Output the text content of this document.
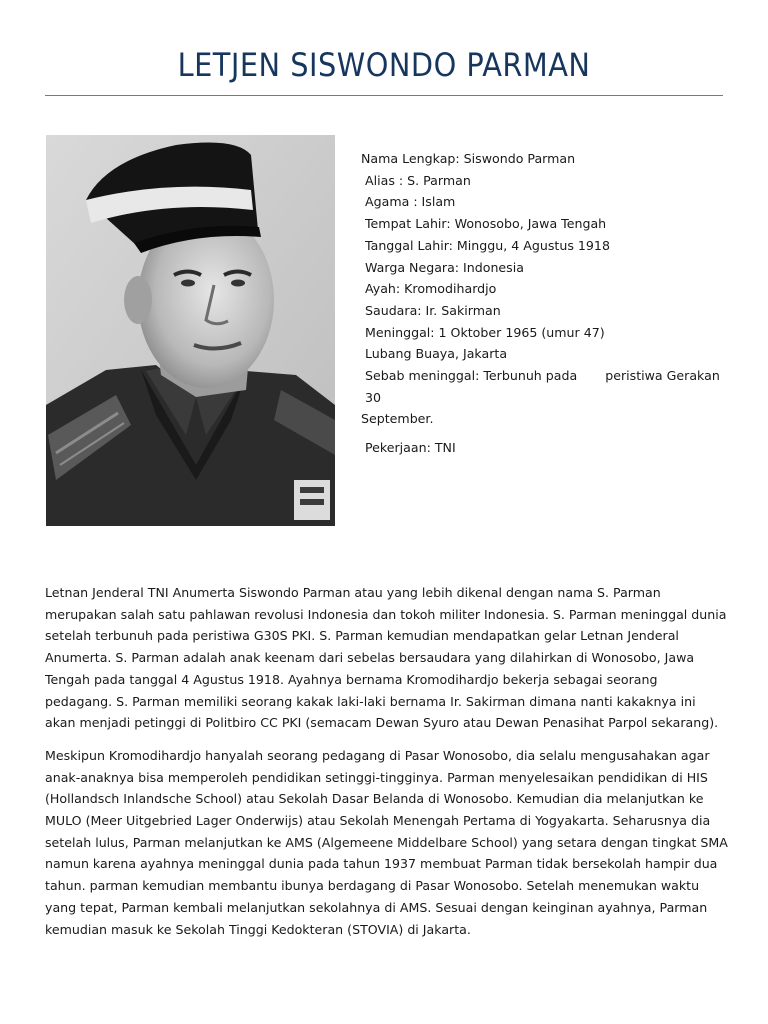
LETJEN SISWONDO PARMAN
Nama Lengkap: Siswondo Parman
Alias : S. Parman
Agama : Islam
Tempat Lahir: Wonosobo, Jawa Tengah
Tanggal Lahir: Minggu, 4 Agustus 1918
Warga Negara: Indonesia
Ayah: Kromodihardjo
Saudara: Ir. Sakirman
Meninggal: 1 Oktober 1965 (umur 47)
Lubang Buaya, Jakarta
Sebab meninggal: Terbunuh pada peristiwa Gerakan 30
September.
Pekerjaan: TNI

Letnan Jenderal TNI Anumerta Siswondo Parman atau yang lebih dikenal dengan nama S. Parman merupakan salah satu pahlawan revolusi Indonesia dan tokoh militer Indonesia. S. Parman meninggal dunia setelah terbunuh pada peristiwa G30S PKI. S. Parman kemudian mendapatkan gelar Letnan Jenderal Anumerta. S. Parman adalah anak keenam dari sebelas bersaudara yang dilahirkan di Wonosobo, Jawa Tengah pada tanggal 4 Agustus 1918. Ayahnya bernama Kromodihardjo bekerja sebagai seorang pedagang. S. Parman memiliki seorang kakak laki-laki bernama Ir. Sakirman dimana nanti kakaknya ini akan menjadi petinggi di Politbiro CC PKI (semacam Dewan Syuro atau Dewan Penasihat Parpol sekarang).

Meskipun Kromodihardjo hanyalah seorang pedagang di Pasar Wonosobo, dia selalu mengusahakan agar anak-anaknya bisa memperoleh pendidikan setinggi-tingginya. Parman menyelesaikan pendidikan di HIS (Hollandsch Inlandsche School) atau Sekolah Dasar Belanda di Wonosobo. Kemudian dia melanjutkan ke MULO (Meer Uitgebried Lager Onderwijs) atau Sekolah Menengah Pertama di Yogyakarta. Seharusnya dia setelah lulus, Parman melanjutkan ke AMS (Algemeene Middelbare School) yang setara dengan tingkat SMA namun karena ayahnya meninggal dunia pada tahun 1937 membuat Parman tidak bersekolah hampir dua tahun. parman kemudian membantu ibunya berdagang di Pasar Wonosobo. Setelah menemukan waktu yang tepat, Parman kembali melanjutkan sekolahnya di AMS. Sesuai dengan keinginan ayahnya, Parman kemudian masuk ke Sekolah Tinggi Kedokteran (STOVIA) di Jakarta.
